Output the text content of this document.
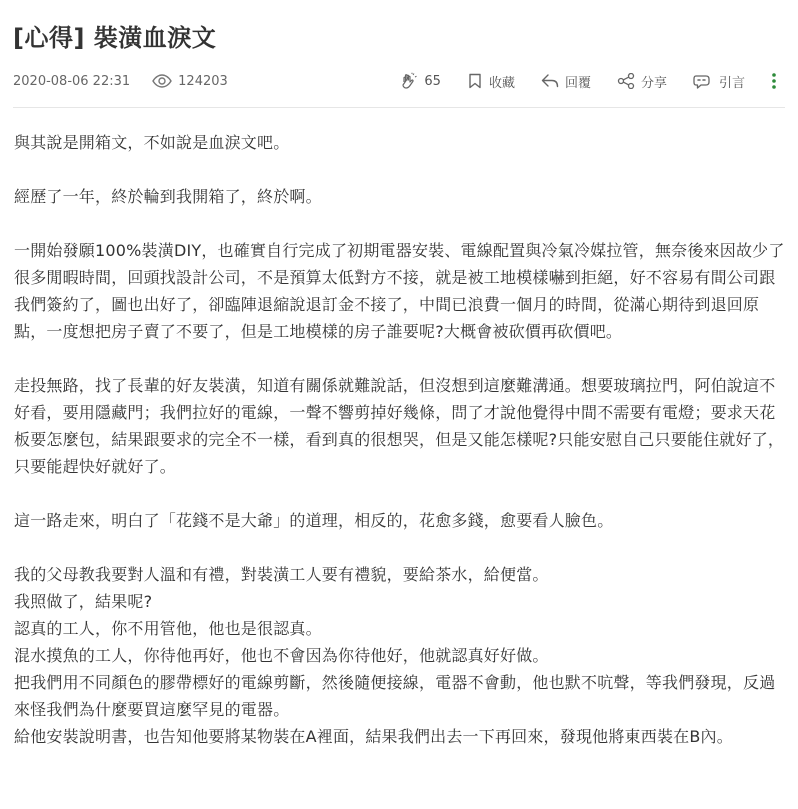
[心得] 裝潢血淚文
2020-08-06 22:31	124203	65	收藏	回覆	分享	引言

與其說是開箱文，不如說是血淚文吧。

經歷了一年，終於輪到我開箱了，終於啊。

一開始發願100%裝潢DIY，也確實自行完成了初期電器安裝、電線配置與冷氣冷媒拉管，無奈後來因故少了很多閒暇時間，回頭找設計公司，不是預算太低對方不接，就是被工地模樣嚇到拒絕，好不容易有間公司跟我們簽約了，圖也出好了，卻臨陣退縮說退訂金不接了，中間已浪費一個月的時間，從滿心期待到退回原點，一度想把房子賣了不要了，但是工地模樣的房子誰要呢?大概會被砍價再砍價吧。

走投無路，找了長輩的好友裝潢，知道有關係就難說話，但沒想到這麼難溝通。想要玻璃拉門，阿伯說這不好看，要用隱藏門；我們拉好的電線，一聲不響剪掉好幾條，問了才說他覺得中間不需要有電燈；要求天花板要怎麼包，結果跟要求的完全不一樣，看到真的很想哭，但是又能怎樣呢?只能安慰自己只要能住就好了，只要能趕快好就好了。

這一路走來，明白了「花錢不是大爺」的道理，相反的，花愈多錢，愈要看人臉色。

我的父母教我要對人溫和有禮，對裝潢工人要有禮貌，要給茶水，給便當。

我照做了，結果呢?

認真的工人，你不用管他，他也是很認真。

混水摸魚的工人，你待他再好，他也不會因為你待他好，他就認真好好做。

把我們用不同顏色的膠帶標好的電線剪斷，然後隨便接線，電器不會動，他也默不吭聲，等我們發現，反過來怪我們為什麼要買這麼罕見的電器。

給他安裝說明書，也告知他要將某物裝在A裡面，結果我們出去一下再回來，發現他將東西裝在B內。
